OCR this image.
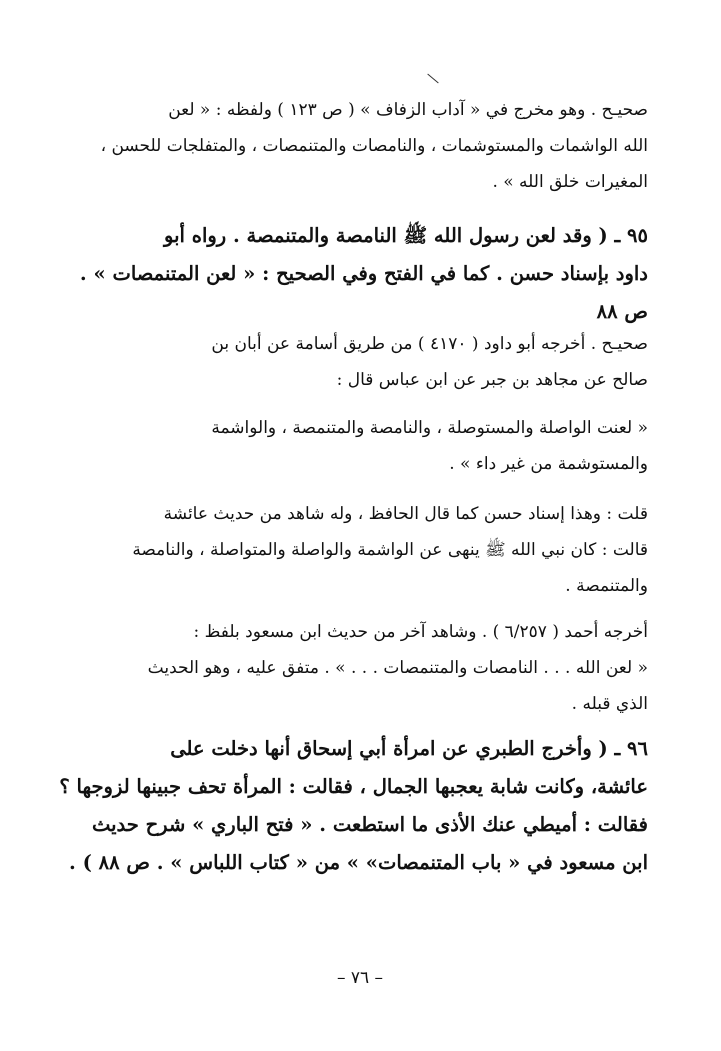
صحيـح . وهو مخرج في « آداب الزفاف » ( ص ١٢٣ ) ولفظه : « لعن
الله الواشمات والمستوشمات ، والنامصات والمتنمصات ، والمتفلجات للحسن ،
المغيرات خلق الله » .
٩٥ ـ ( وقد لعن رسول الله ﷺ النامصة والمتنمصة . رواه أبو
داود بإسناد حسن . كما في الفتح وفي الصحيح : « لعن المتنمصات » .
ص ٨٨
صحيـح . أخرجه أبو داود ( ٤١٧٠ ) من طريق أسامة عن أبان بن
صالح عن مجاهد بن جبر عن ابن عباس قال :
« لعنت الواصلة والمستوصلة ، والنامصة والمتنمصة ، والواشمة
والمستوشمة من غير داء » .
قلت : وهذا إسناد حسن كما قال الحافظ ، وله شاهد من حديث عائشة
قالت : كان نبي الله ﷺ ينهى عن الواشمة والواصلة والمتواصلة ، والنامصة
والمتنمصة .
أخرجه أحمد ( ٦/٢٥٧ ) . وشاهد آخر من حديث ابن مسعود بلفظ :
« لعن الله . . . النامصات والمتنمصات . . . » . متفق عليه ، وهو الحديث
الذي قبله .
٩٦ ـ ( وأخرج الطبري عن امرأة أبي إسحاق أنها دخلت على
عائشة، وكانت شابة يعجبها الجمال ، فقالت : المرأة تحف جبينها لزوجها ؟
فقالت : أميطي عنك الأذى ما استطعت . « فتح الباري » شرح حديث
ابن مسعود في « باب المتنمصات» » من « كتاب اللباس » . ص ٨٨ ) .
– ٧٦ –
